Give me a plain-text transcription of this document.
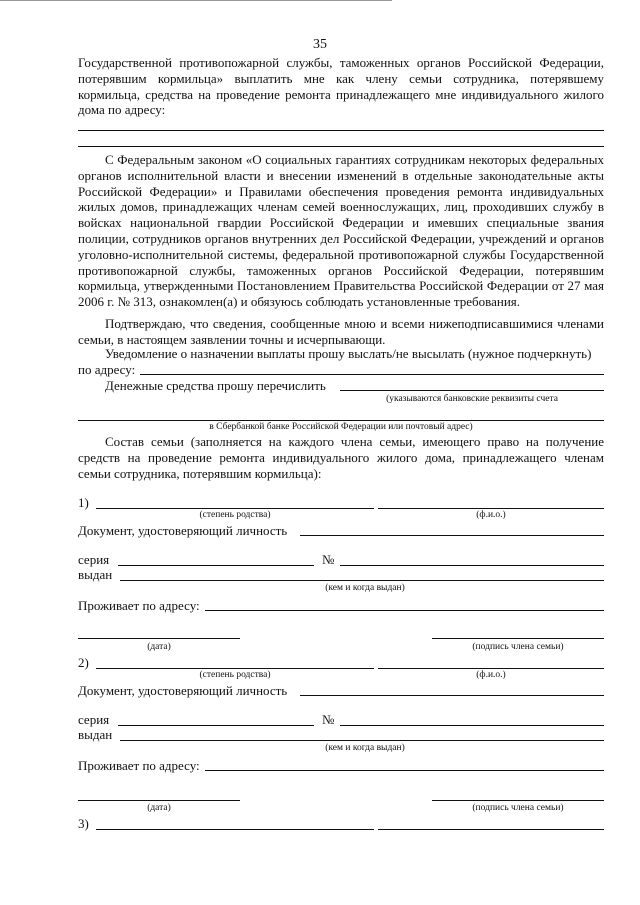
35
Государственной противопожарной службы, таможенных органов Российской Федерации, потерявшим кормильца» выплатить мне как члену семьи сотрудника, потерявшему кормильца, средства на проведение ремонта принадлежащего мне индивидуального жилого дома по адресу:
С Федеральным законом «О социальных гарантиях сотрудникам некоторых федеральных органов исполнительной власти и внесении изменений в отдельные законодательные акты Российской Федерации» и Правилами обеспечения проведения ремонта индивидуальных жилых домов, принадлежащих членам семей военнослужащих, лиц, проходивших службу в войсках национальной гвардии Российской Федерации и имевших специальные звания полиции, сотрудников органов внутренних дел Российской Федерации, учреждений и органов уголовно-исполнительной системы, федеральной противопожарной службы Государственной противопожарной службы, таможенных органов Российской Федерации, потерявшим кормильца, утвержденными Постановлением Правительства Российской Федерации от 27 мая 2006 г. № 313, ознакомлен(а) и обязуюсь соблюдать установленные требования.
Подтверждаю, что сведения, сообщенные мною и всеми нижеподписавшимися членами семьи, в настоящем заявлении точны и исчерпывающи.
Уведомление о назначении выплаты прошу выслать/не высылать (нужное подчеркнуть)
по адресу:
Денежные средства прошу перечислить
(указываются банковские реквизиты счета
в Сбербанкой банке Российской Федерации или почтовый адрес)
Состав семьи (заполняется на каждого члена семьи, имеющего право на получение средств на проведение ремонта индивидуального жилого дома, принадлежащего членам семьи сотрудника, потерявшим кормильца):
1)
(степень родства)	(ф.и.о.)
Документ, удостоверяющий личность
серия	№
выдан
(кем и когда выдан)
Проживает по адресу:
(дата)	(подпись члена семьи)
2)
(степень родства)	(ф.и.о.)
Документ, удостоверяющий личность
серия	№
выдан
(кем и когда выдан)
Проживает по адресу:
(дата)	(подпись члена семьи)
3)
